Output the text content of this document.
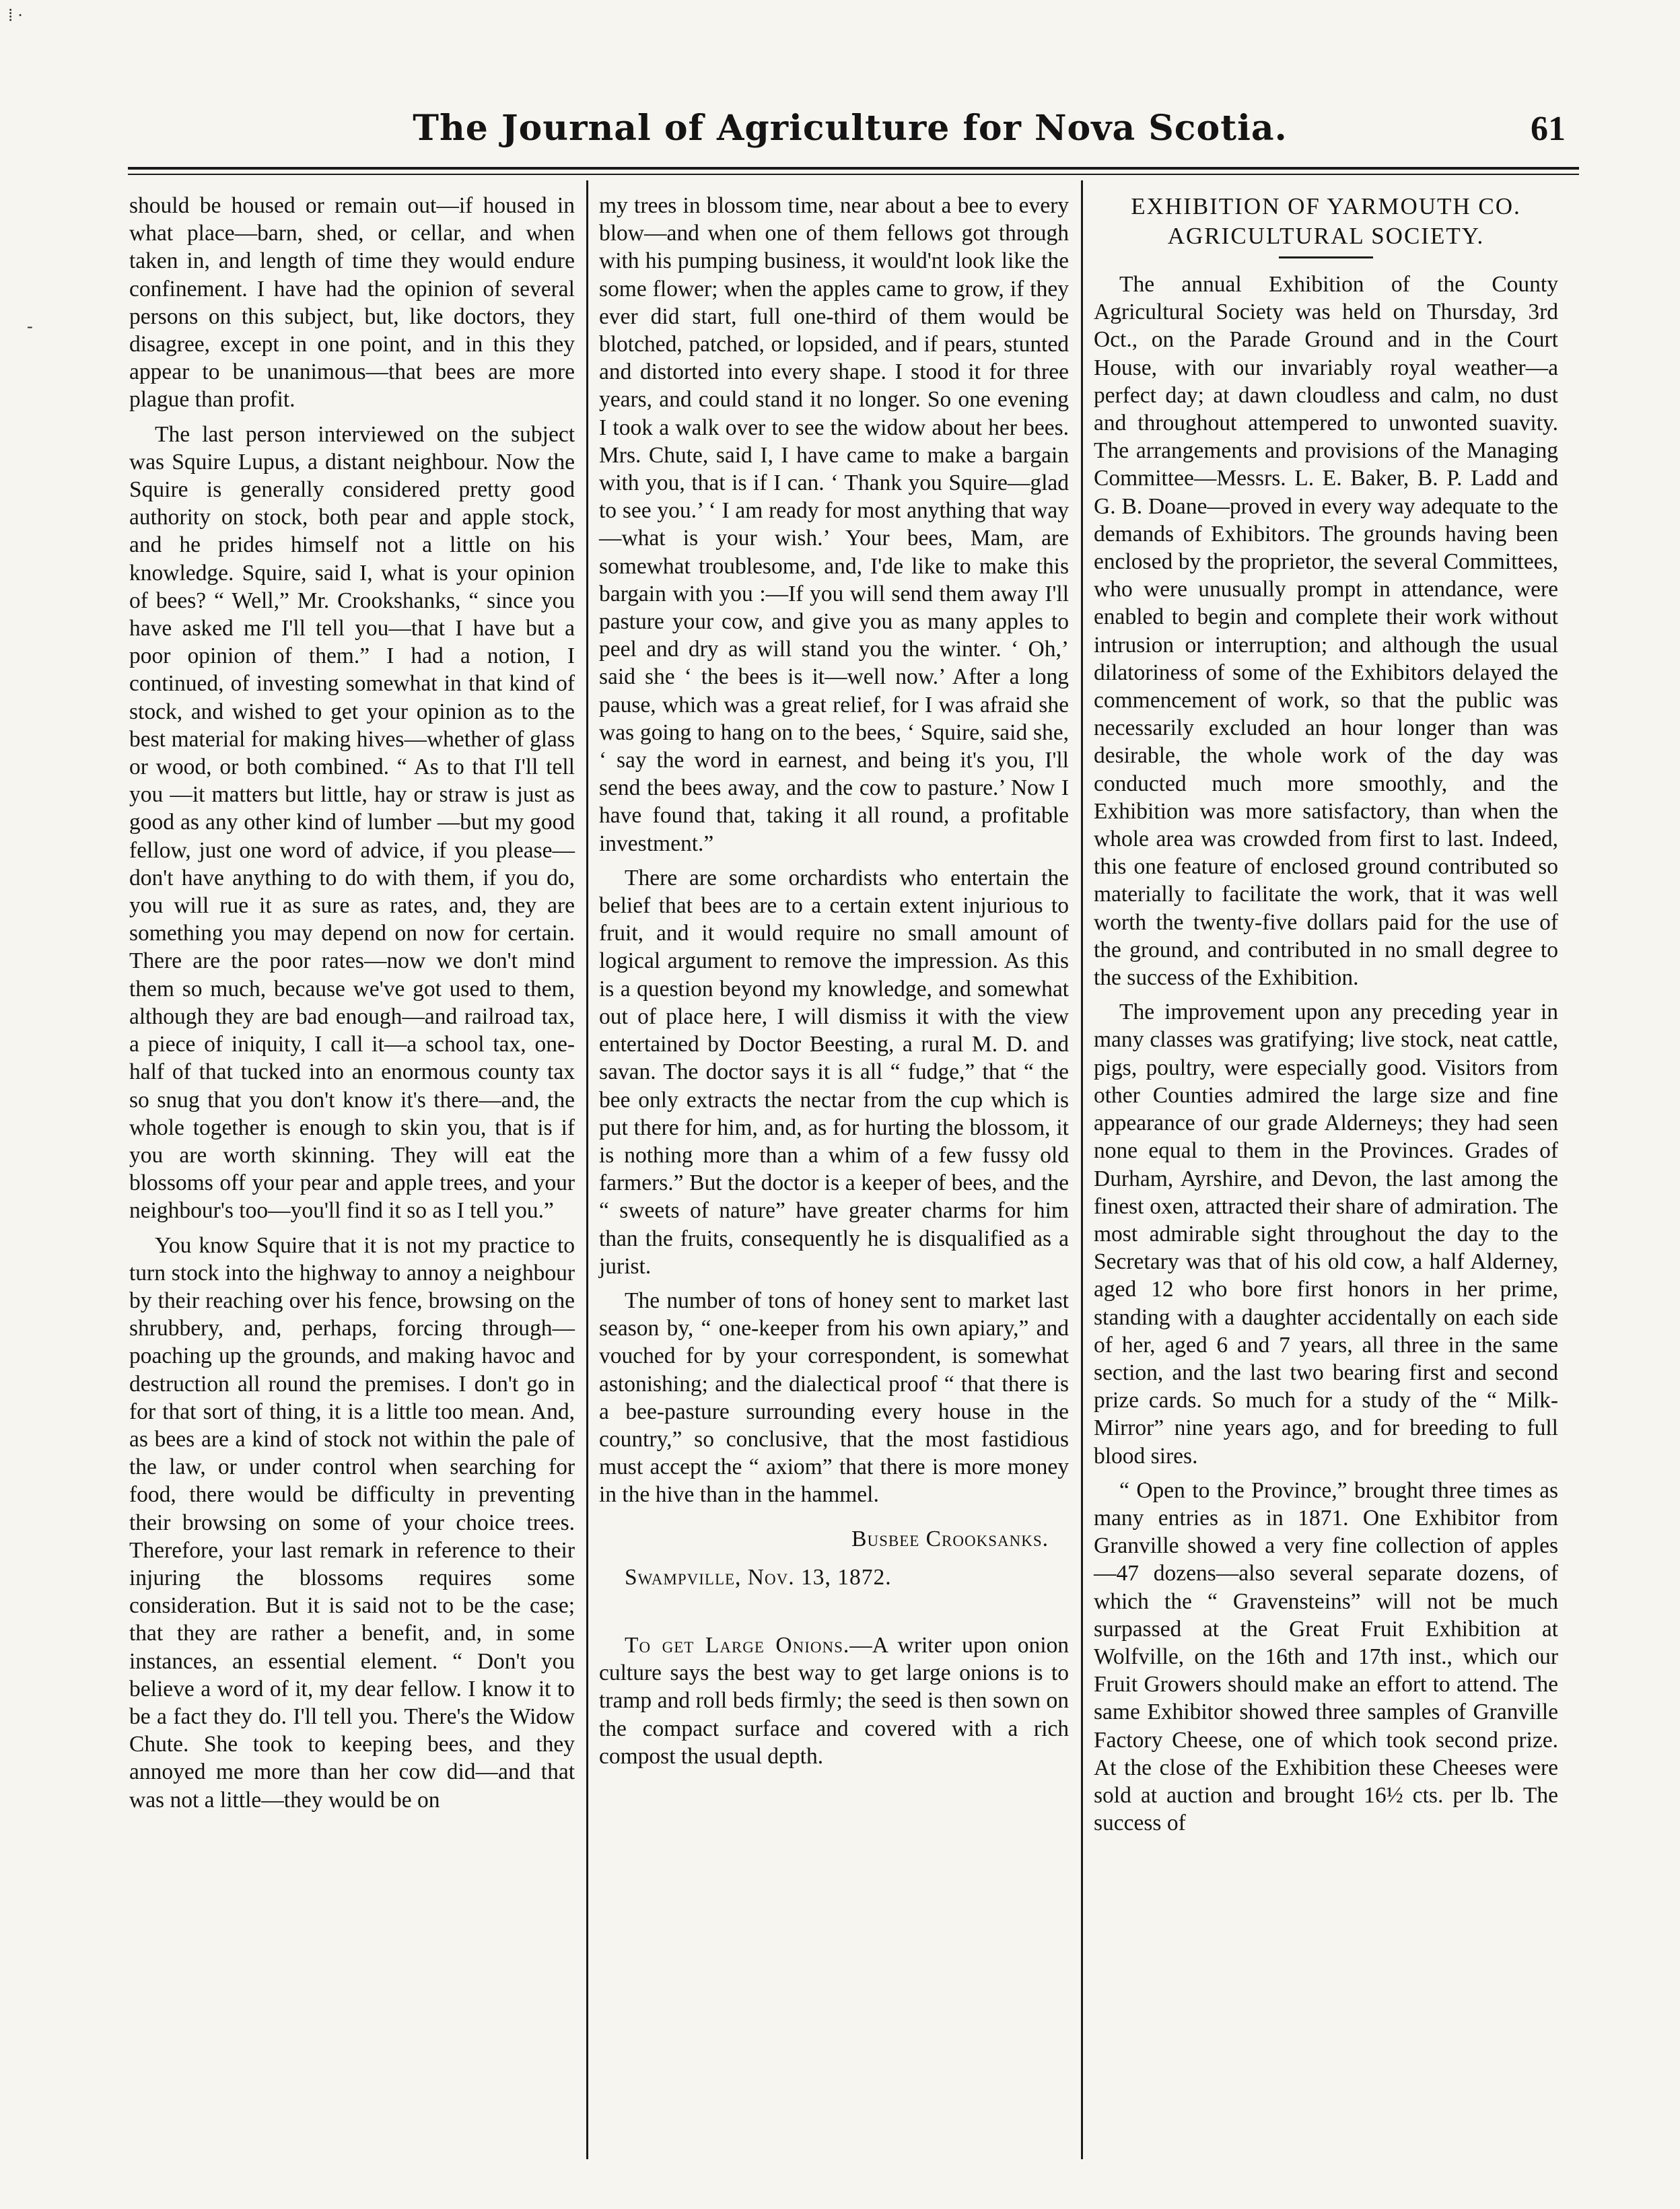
⁞ ·
-
The Journal of Agriculture for Nova Scotia.	61

should be housed or remain out—if housed in what place—barn, shed, or cellar, and when taken in, and length of time they would endure confinement. I have had the opinion of several persons on this subject, but, like doctors, they disagree, except in one point, and in this they appear to be unanimous—that bees are more plague than profit.

The last person interviewed on the subject was Squire Lupus, a distant neighbour. Now the Squire is generally considered pretty good authority on stock, both pear and apple stock, and he prides himself not a little on his knowledge. Squire, said I, what is your opinion of bees? “ Well,” Mr. Crookshanks, “ since you have asked me I'll tell you—that I have but a poor opinion of them.” I had a notion, I continued, of investing somewhat in that kind of stock, and wished to get your opinion as to the best material for making hives—whether of glass or wood, or both combined. “ As to that I'll tell you —it matters but little, hay or straw is just as good as any other kind of lumber —but my good fellow, just one word of advice, if you please—don't have anything to do with them, if you do, you will rue it as sure as rates, and, they are something you may depend on now for certain. There are the poor rates—now we don't mind them so much, because we've got used to them, although they are bad enough—and railroad tax, a piece of iniquity, I call it—a school tax, one-half of that tucked into an enormous county tax so snug that you don't know it's there—and, the whole together is enough to skin you, that is if you are worth skinning. They will eat the blossoms off your pear and apple trees, and your neighbour's too—you'll find it so as I tell you.”

You know Squire that it is not my practice to turn stock into the highway to annoy a neighbour by their reaching over his fence, browsing on the shrubbery, and, perhaps, forcing through—poaching up the grounds, and making havoc and destruction all round the premises. I don't go in for that sort of thing, it is a little too mean. And, as bees are a kind of stock not within the pale of the law, or under control when searching for food, there would be difficulty in preventing their browsing on some of your choice trees. Therefore, your last remark in reference to their injuring the blossoms requires some consideration. But it is said not to be the case; that they are rather a benefit, and, in some instances, an essential element. “ Don't you believe a word of it, my dear fellow. I know it to be a fact they do. I'll tell you. There's the Widow Chute. She took to keeping bees, and they annoyed me more than her cow did—and that was not a little—they would be on

my trees in blossom time, near about a bee to every blow—and when one of them fellows got through with his pumping business, it would'nt look like the some flower; when the apples came to grow, if they ever did start, full one-third of them would be blotched, patched, or lopsided, and if pears, stunted and distorted into every shape. I stood it for three years, and could stand it no longer. So one evening I took a walk over to see the widow about her bees. Mrs. Chute, said I, I have came to make a bargain with you, that is if I can. ‘ Thank you Squire—glad to see you.’ ‘ I am ready for most anything that way—what is your wish.’ Your bees, Mam, are somewhat troublesome, and, I'de like to make this bargain with you :—If you will send them away I'll pasture your cow, and give you as many apples to peel and dry as will stand you the winter. ‘ Oh,’ said she ‘ the bees is it—well now.’ After a long pause, which was a great relief, for I was afraid she was going to hang on to the bees, ‘ Squire, said she, ‘ say the word in earnest, and being it's you, I'll send the bees away, and the cow to pasture.’ Now I have found that, taking it all round, a profitable investment.”

There are some orchardists who entertain the belief that bees are to a certain extent injurious to fruit, and it would require no small amount of logical argument to remove the impression. As this is a question beyond my knowledge, and somewhat out of place here, I will dismiss it with the view entertained by Doctor Beesting, a rural M. D. and savan. The doctor says it is all “ fudge,” that “ the bee only extracts the nectar from the cup which is put there for him, and, as for hurting the blossom, it is nothing more than a whim of a few fussy old farmers.” But the doctor is a keeper of bees, and the “ sweets of nature” have greater charms for him than the fruits, consequently he is disqualified as a jurist.

The number of tons of honey sent to market last season by, “ one-keeper from his own apiary,” and vouched for by your correspondent, is somewhat astonishing; and the dialectical proof “ that there is a bee-pasture surrounding every house in the country,” so conclusive, that the most fastidious must accept the “ axiom” that there is more money in the hive than in the hammel.

Busbee Crooksanks.
Swampville, Nov. 13, 1872.

To get Large Onions.—A writer upon onion culture says the best way to get large onions is to tramp and roll beds firmly; the seed is then sown on the compact surface and covered with a rich compost the usual depth.

EXHIBITION OF YARMOUTH CO.
AGRICULTURAL SOCIETY.

The annual Exhibition of the County Agricultural Society was held on Thursday, 3rd Oct., on the Parade Ground and in the Court House, with our invariably royal weather—a perfect day; at dawn cloudless and calm, no dust and throughout attempered to unwonted suavity. The arrangements and provisions of the Managing Committee—Messrs. L. E. Baker, B. P. Ladd and G. B. Doane—proved in every way adequate to the demands of Exhibitors. The grounds having been enclosed by the proprietor, the several Committees, who were unusually prompt in attendance, were enabled to begin and complete their work without intrusion or interruption; and although the usual dilatoriness of some of the Exhibitors delayed the commencement of work, so that the public was necessarily excluded an hour longer than was desirable, the whole work of the day was conducted much more smoothly, and the Exhibition was more satisfactory, than when the whole area was crowded from first to last. Indeed, this one feature of enclosed ground contributed so materially to facilitate the work, that it was well worth the twenty-five dollars paid for the use of the ground, and contributed in no small degree to the success of the Exhibition.

The improvement upon any preceding year in many classes was gratifying; live stock, neat cattle, pigs, poultry, were especially good. Visitors from other Counties admired the large size and fine appearance of our grade Alderneys; they had seen none equal to them in the Provinces. Grades of Durham, Ayrshire, and Devon, the last among the finest oxen, attracted their share of admiration. The most admirable sight throughout the day to the Secretary was that of his old cow, a half Alderney, aged 12 who bore first honors in her prime, standing with a daughter accidentally on each side of her, aged 6 and 7 years, all three in the same section, and the last two bearing first and second prize cards. So much for a study of the “ Milk-Mirror” nine years ago, and for breeding to full blood sires.

“ Open to the Province,” brought three times as many entries as in 1871. One Exhibitor from Granville showed a very fine collection of apples—47 dozens—also several separate dozens, of which the “ Gravensteins” will not be much surpassed at the Great Fruit Exhibition at Wolfville, on the 16th and 17th inst., which our Fruit Growers should make an effort to attend. The same Exhibitor showed three samples of Granville Factory Cheese, one of which took second prize. At the close of the Exhibition these Cheeses were sold at auction and brought 16½ cts. per lb. The success of
